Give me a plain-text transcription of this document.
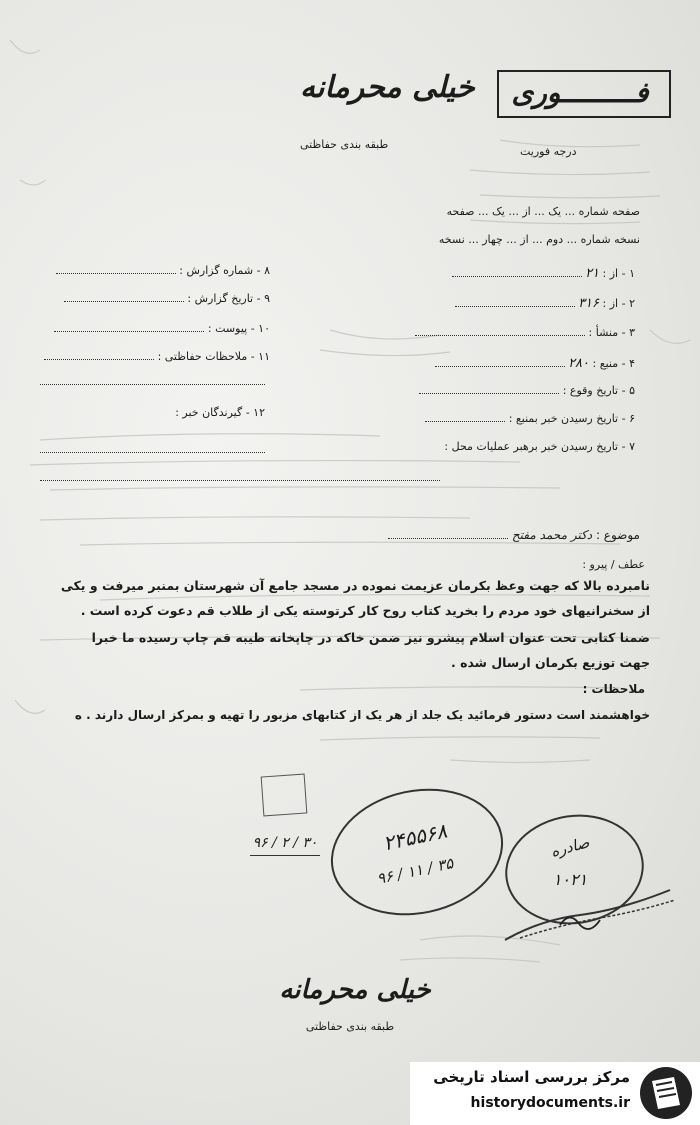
خیلی محرمانه
طبقه بندی حفاظتی
فـــــــــوری
درجه فوریت
صفحه شماره ... یک ... از ... یک ... صفحه
نسخه شماره ... دوم ... از ... چهار ... نسخه
۱ - از : ۲۱
۲ - از : ۳۱۶
۳ - منشأ :
۴ - منبع : ۲۸۰
۵ - تاریخ وقوع :
۶ - تاریخ رسیدن خبر بمنبع :
۷ - تاریخ رسیدن خبر برهبر عملیات محل :
۸ - شماره گزارش :
۹ - تاریخ گزارش :
۱۰ - پیوست :
۱۱ - ملاحظات حفاظتی :
۱۲ - گیرندگان خبر :
موضوع : دکتر محمد مفتح
عطف / پیرو :
نامبرده بالا که جهت وعظ بکرمان عزیمت نموده در مسجد جامع آن شهرستان بمنبر میرفت و یکی
از سخنرانیهای خود مردم را بخرید کتاب روح کار کرتوسته یکی از طلاب قم دعوت کرده است .
ضمنا کتابی تحت عنوان اسلام پیشرو نیز ضمن خاکه در چاپخانه طیبه قم چاپ رسیده ما خبرا
جهت توزیع بکرمان ارسال شده .
ملاحظات :
خواهشمند است دستور فرمائید یک جلد از هر یک از کتابهای مزبور را تهیه و بمرکز ارسال دارند . ه
۳۰ / ۲ / ۹۶	۲۴۵۵۶۸
۳۵ / ۱۱ / ۹۶
صادره
۱۰۲۱
خیلی محرمانه
طبقه بندی حفاظتی
مرکز بررسی اسناد تاریخی
historydocuments.ir
